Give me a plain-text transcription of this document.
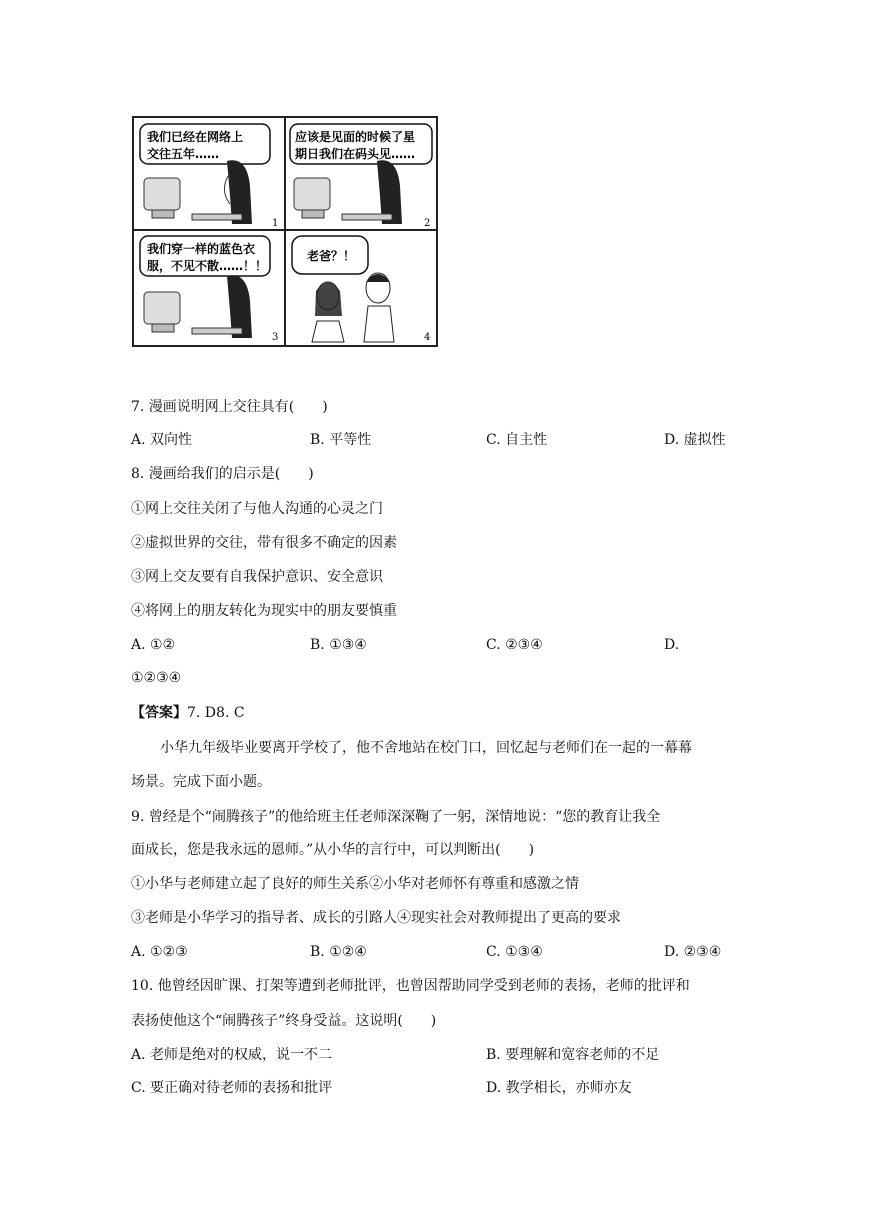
我们已经在网络上
交往五年……
1
应该是见面的时候了星
期日我们在码头见……
2
我们穿一样的蓝色衣
服，不见不散……！！
3
老爸？！
4
7. 漫画说明网上交往具有(　　)
A. 双向性	B. 平等性	C. 自主性	D. 虚拟性
8. 漫画给我们的启示是(　　)
①网上交往关闭了与他人沟通的心灵之门
②虚拟世界的交往，带有很多不确定的因素
③网上交友要有自我保护意识、安全意识
④将网上的朋友转化为现实中的朋友要慎重
A. ①②	B. ①③④	C. ②③④	D.
①②③④
【答案】7. D8. C
小华九年级毕业要离开学校了，他不舍地站在校门口，回忆起与老师们在一起的一幕幕
场景。完成下面小题。
9. 曾经是个“闹腾孩子”的他给班主任老师深深鞠了一躬，深情地说：“您的教育让我全
面成长，您是我永远的恩师。”从小华的言行中，可以判断出(　　)
①小华与老师建立起了良好的师生关系②小华对老师怀有尊重和感激之情
③老师是小华学习的指导者、成长的引路人④现实社会对教师提出了更高的要求
A. ①②③	B. ①②④	C. ①③④	D. ②③④
10. 他曾经因旷课、打架等遭到老师批评，也曾因帮助同学受到老师的表扬，老师的批评和
表扬使他这个“闹腾孩子”终身受益。这说明(　　)
A. 老师是绝对的权威，说一不二	B. 要理解和宽容老师的不足
C. 要正确对待老师的表扬和批评	D. 教学相长，亦师亦友
